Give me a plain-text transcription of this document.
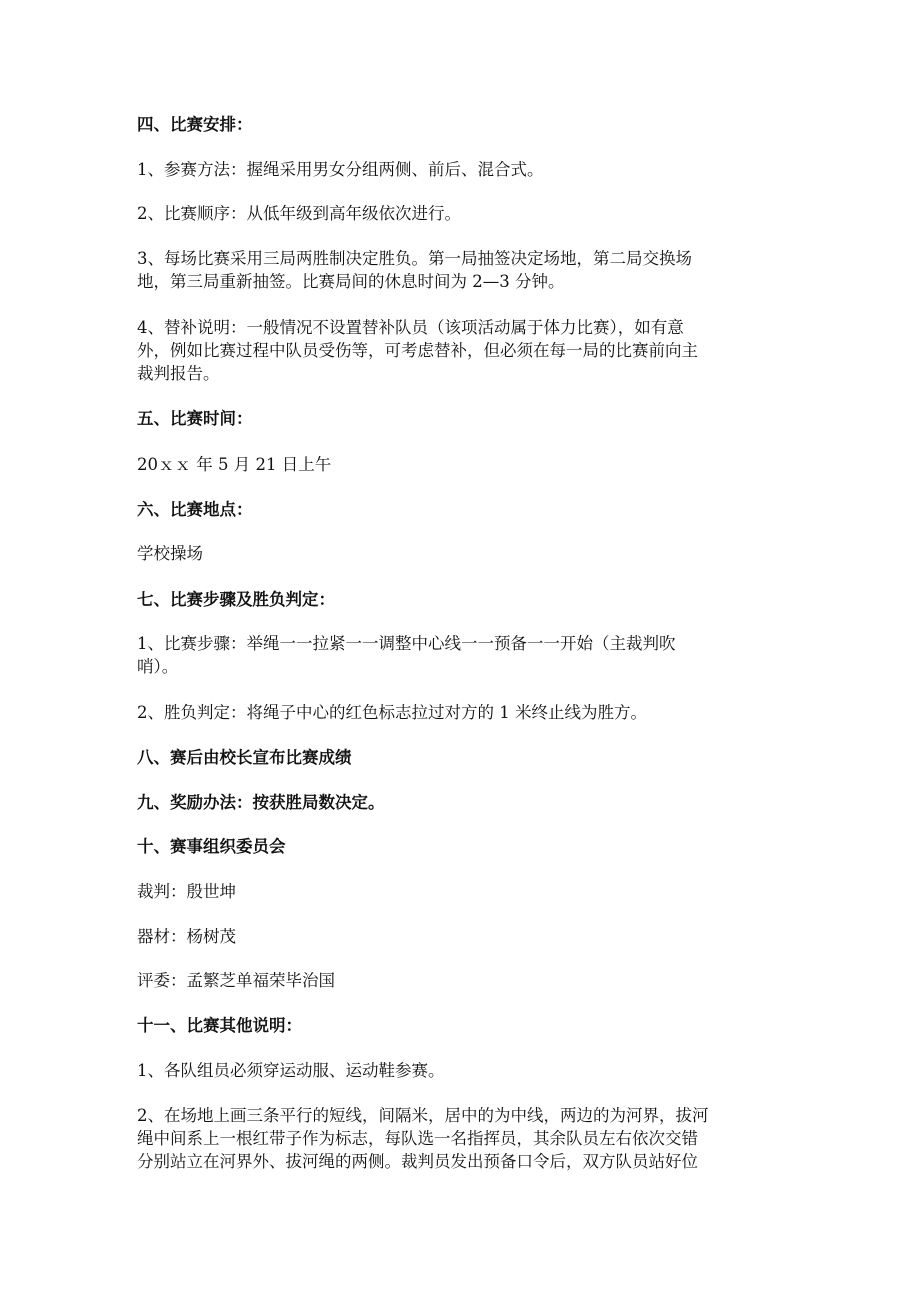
四、比赛安排：
1、参赛方法：握绳采用男女分组两侧、前后、混合式。
2、比赛顺序：从低年级到高年级依次进行。
3、每场比赛采用三局两胜制决定胜负。第一局抽签决定场地，第二局交换场
地，第三局重新抽签。比赛局间的休息时间为 2—3 分钟。
4、替补说明：一般情况不设置替补队员（该项活动属于体力比赛），如有意
外，例如比赛过程中队员受伤等，可考虑替补，但必须在每一局的比赛前向主
裁判报告。
五、比赛时间：
20ｘｘ 年 5 月 21 日上午
六、比赛地点：
学校操场
七、比赛步骤及胜负判定：
1、比赛步骤：举绳一一拉紧一一调整中心线一一预备一一开始（主裁判吹
哨）。
2、胜负判定：将绳子中心的红色标志拉过对方的 1 米终止线为胜方。
八、赛后由校长宣布比赛成绩
九、奖励办法：按获胜局数决定。
十、赛事组织委员会
裁判：殷世坤
器材：杨树茂
评委：孟繁芝单福荣毕治国
十一、比赛其他说明：
1、各队组员必须穿运动服、运动鞋参赛。
2、在场地上画三条平行的短线，间隔米，居中的为中线，两边的为河界，拔河
绳中间系上一根红带子作为标志，每队选一名指挥员，其余队员左右依次交错
分别站立在河界外、拔河绳的两侧。裁判员发出预备口令后，双方队员站好位
